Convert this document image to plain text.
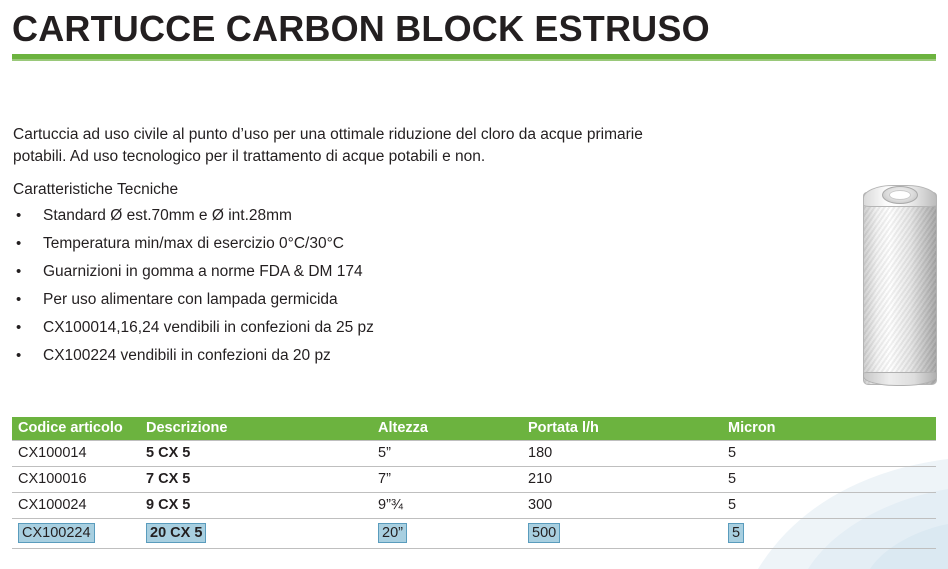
CARTUCCE CARBON BLOCK ESTRUSO
Cartuccia ad uso civile al punto d’uso per una ottimale riduzione del cloro da acque primarie potabili. Ad uso tecnologico per il trattamento di acque potabili e non.
Caratteristiche Tecniche
•	Standard Ø est.70mm e Ø int.28mm
•	Temperatura min/max di esercizio 0°C/30°C
•	Guarnizioni in gomma a norme FDA & DM 174
•	Per uso alimentare con lampada germicida
•	CX100014,16,24 vendibili in confezioni da 25 pz
•	CX100224 vendibili in confezioni da 20 pz
Codice articolo	Descrizione	Altezza	Portata l/h	Micron
CX100014	5 CX 5	5”	180	5
CX100016	7 CX 5	7”	210	5
CX100024	9 CX 5	9”¾	300	5
CX100224	20 CX 5	20”	500	5
